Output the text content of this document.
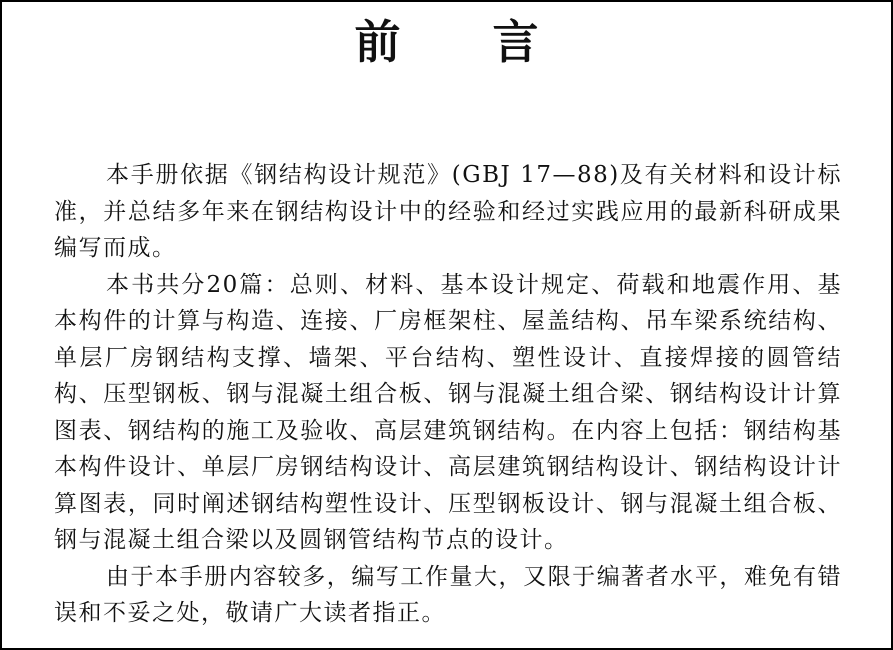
前言

本手册依据《钢结构设计规范》(GBJ 17—88)及有关材料和设计标准，并总结多年来在钢结构设计中的经验和经过实践应用的最新科研成果编写而成。

本书共分20篇：总则、材料、基本设计规定、荷载和地震作用、基本构件的计算与构造、连接、厂房框架柱、屋盖结构、吊车梁系统结构、单层厂房钢结构支撑、墙架、平台结构、塑性设计、直接焊接的圆管结构、压型钢板、钢与混凝土组合板、钢与混凝土组合梁、钢结构设计计算图表、钢结构的施工及验收、高层建筑钢结构。在内容上包括：钢结构基本构件设计、单层厂房钢结构设计、高层建筑钢结构设计、钢结构设计计算图表，同时阐述钢结构塑性设计、压型钢板设计、钢与混凝土组合板、钢与混凝土组合梁以及圆钢管结构节点的设计。

由于本手册内容较多，编写工作量大，又限于编著者水平，难免有错误和不妥之处，敬请广大读者指正。
